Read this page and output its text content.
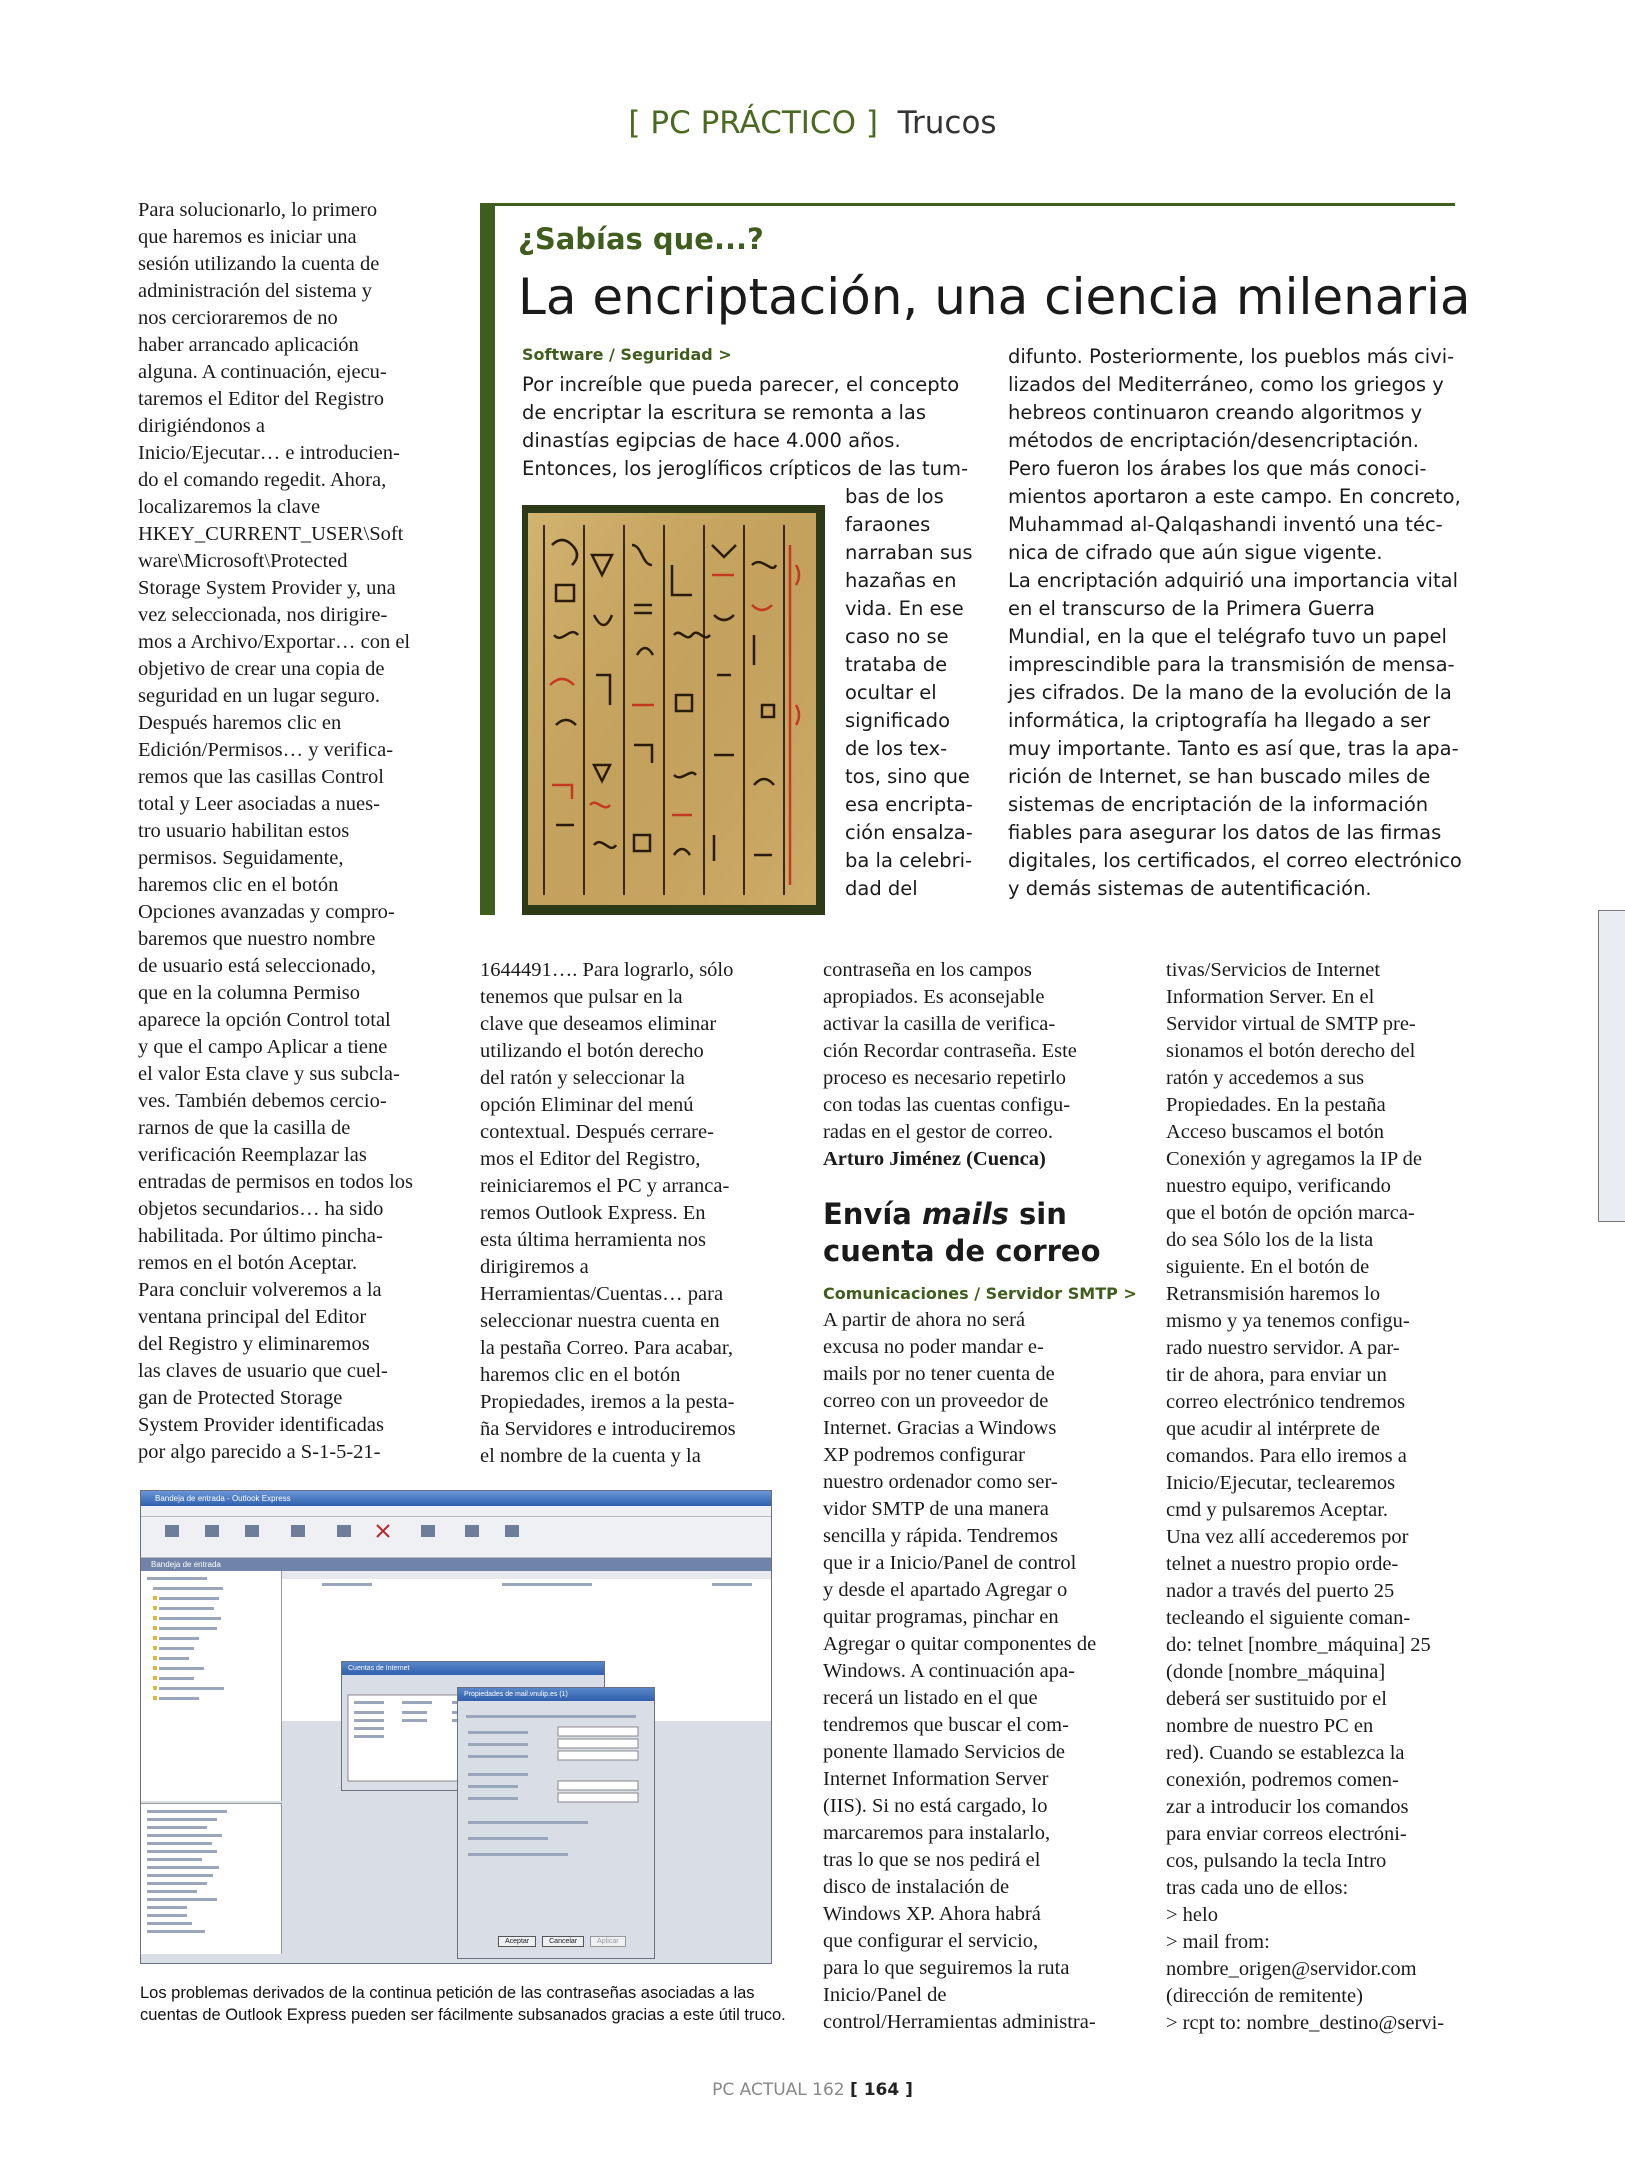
[ PC PRÁCTICO ] Trucos
Para solucionarlo, lo primero
que haremos es iniciar una
sesión utilizando la cuenta de
administración del sistema y
nos cercioraremos de no
haber arrancado aplicación
alguna. A continuación, ejecu-
taremos el Editor del Registro
dirigiéndonos a
Inicio/Ejecutar… e introducien-
do el comando regedit. Ahora,
localizaremos la clave
HKEY_CURRENT_USER\Soft
ware\Microsoft\Protected
Storage System Provider y, una
vez seleccionada, nos dirigire-
mos a Archivo/Exportar… con el
objetivo de crear una copia de
seguridad en un lugar seguro.
Después haremos clic en
Edición/Permisos… y verifica-
remos que las casillas Control
total y Leer asociadas a nues-
tro usuario habilitan estos
permisos. Seguidamente,
haremos clic en el botón
Opciones avanzadas y compro-
baremos que nuestro nombre
de usuario está seleccionado,
que en la columna Permiso
aparece la opción Control total
y que el campo Aplicar a tiene
el valor Esta clave y sus subcla-
ves. También debemos cercio-
rarnos de que la casilla de
verificación Reemplazar las
entradas de permisos en todos los
objetos secundarios… ha sido
habilitada. Por último pincha-
remos en el botón Aceptar.
Para concluir volveremos a la
ventana principal del Editor
del Registro y eliminaremos
las claves de usuario que cuel-
gan de Protected Storage
System Provider identificadas
por algo parecido a S-1-5-21-
¿Sabías que...?
La encriptación, una ciencia milenaria
Software / Seguridad >
Por increíble que pueda parecer, el concepto
de encriptar la escritura se remonta a las
dinastías egipcias de hace 4.000 años.
Entonces, los jeroglíficos crípticos de las tum-
bas de los
faraones
narraban sus
hazañas en
vida. En ese
caso no se
trataba de
ocultar el
significado
de los tex-
tos, sino que
esa encripta-
ción ensalza-
ba la celebri-
dad del
difunto. Posteriormente, los pueblos más civi-
lizados del Mediterráneo, como los griegos y
hebreos continuaron creando algoritmos y
métodos de encriptación/desencriptación.
Pero fueron los árabes los que más conoci-
mientos aportaron a este campo. En concreto,
Muhammad al-Qalqashandi inventó una téc-
nica de cifrado que aún sigue vigente.
La encriptación adquirió una importancia vital
en el transcurso de la Primera Guerra
Mundial, en la que el telégrafo tuvo un papel
imprescindible para la transmisión de mensa-
jes cifrados. De la mano de la evolución de la
informática, la criptografía ha llegado a ser
muy importante. Tanto es así que, tras la apa-
rición de Internet, se han buscado miles de
sistemas de encriptación de la información
fiables para asegurar los datos de las firmas
digitales, los certificados, el correo electrónico
y demás sistemas de autentificación.
1644491…. Para lograrlo, sólo
tenemos que pulsar en la
clave que deseamos eliminar
utilizando el botón derecho
del ratón y seleccionar la
opción Eliminar del menú
contextual. Después cerrare-
mos el Editor del Registro,
reiniciaremos el PC y arranca-
remos Outlook Express. En
esta última herramienta nos
dirigiremos a
Herramientas/Cuentas… para
seleccionar nuestra cuenta en
la pestaña Correo. Para acabar,
haremos clic en el botón
Propiedades, iremos a la pesta-
ña Servidores e introduciremos
el nombre de la cuenta y la
contraseña en los campos
apropiados. Es aconsejable
activar la casilla de verifica-
ción Recordar contraseña. Este
proceso es necesario repetirlo
con todas las cuentas configu-
radas en el gestor de correo.
Arturo Jiménez (Cuenca)
Envía mails sin
cuenta de correo
Comunicaciones / Servidor SMTP >
A partir de ahora no será
excusa no poder mandar e-
mails por no tener cuenta de
correo con un proveedor de
Internet. Gracias a Windows
XP podremos configurar
nuestro ordenador como ser-
vidor SMTP de una manera
sencilla y rápida. Tendremos
que ir a Inicio/Panel de control
y desde el apartado Agregar o
quitar programas, pinchar en
Agregar o quitar componentes de
Windows. A continuación apa-
recerá un listado en el que
tendremos que buscar el com-
ponente llamado Servicios de
Internet Information Server
(IIS). Si no está cargado, lo
marcaremos para instalarlo,
tras lo que se nos pedirá el
disco de instalación de
Windows XP. Ahora habrá
que configurar el servicio,
para lo que seguiremos la ruta
Inicio/Panel de
control/Herramientas administra-
tivas/Servicios de Internet
Information Server. En el
Servidor virtual de SMTP pre-
sionamos el botón derecho del
ratón y accedemos a sus
Propiedades. En la pestaña
Acceso buscamos el botón
Conexión y agregamos la IP de
nuestro equipo, verificando
que el botón de opción marca-
do sea Sólo los de la lista
siguiente. En el botón de
Retransmisión haremos lo
mismo y ya tenemos configu-
rado nuestro servidor. A par-
tir de ahora, para enviar un
correo electrónico tendremos
que acudir al intérprete de
comandos. Para ello iremos a
Inicio/Ejecutar, teclearemos
cmd y pulsaremos Aceptar.
Una vez allí accederemos por
telnet a nuestro propio orde-
nador a través del puerto 25
tecleando el siguiente coman-
do: telnet [nombre_máquina] 25
(donde [nombre_máquina]
deberá ser sustituido por el
nombre de nuestro PC en
red). Cuando se establezca la
conexión, podremos comen-
zar a introducir los comandos
para enviar correos electróni-
cos, pulsando la tecla Intro
tras cada uno de ellos:
> helo
> mail from:
nombre_origen@servidor.com
(dirección de remitente)
> rcpt to: nombre_destino@servi-
Bandeja de entrada - Outlook Express
Bandeja de entrada
Cuentas de Internet
Propiedades de mail.vnulip.es (1)
Aceptar	Cancelar	Aplicar
Los problemas derivados de la continua petición de las contraseñas asociadas a las
cuentas de Outlook Express pueden ser fácilmente subsanados gracias a este útil truco.
PC ACTUAL 162 [ 164 ]
